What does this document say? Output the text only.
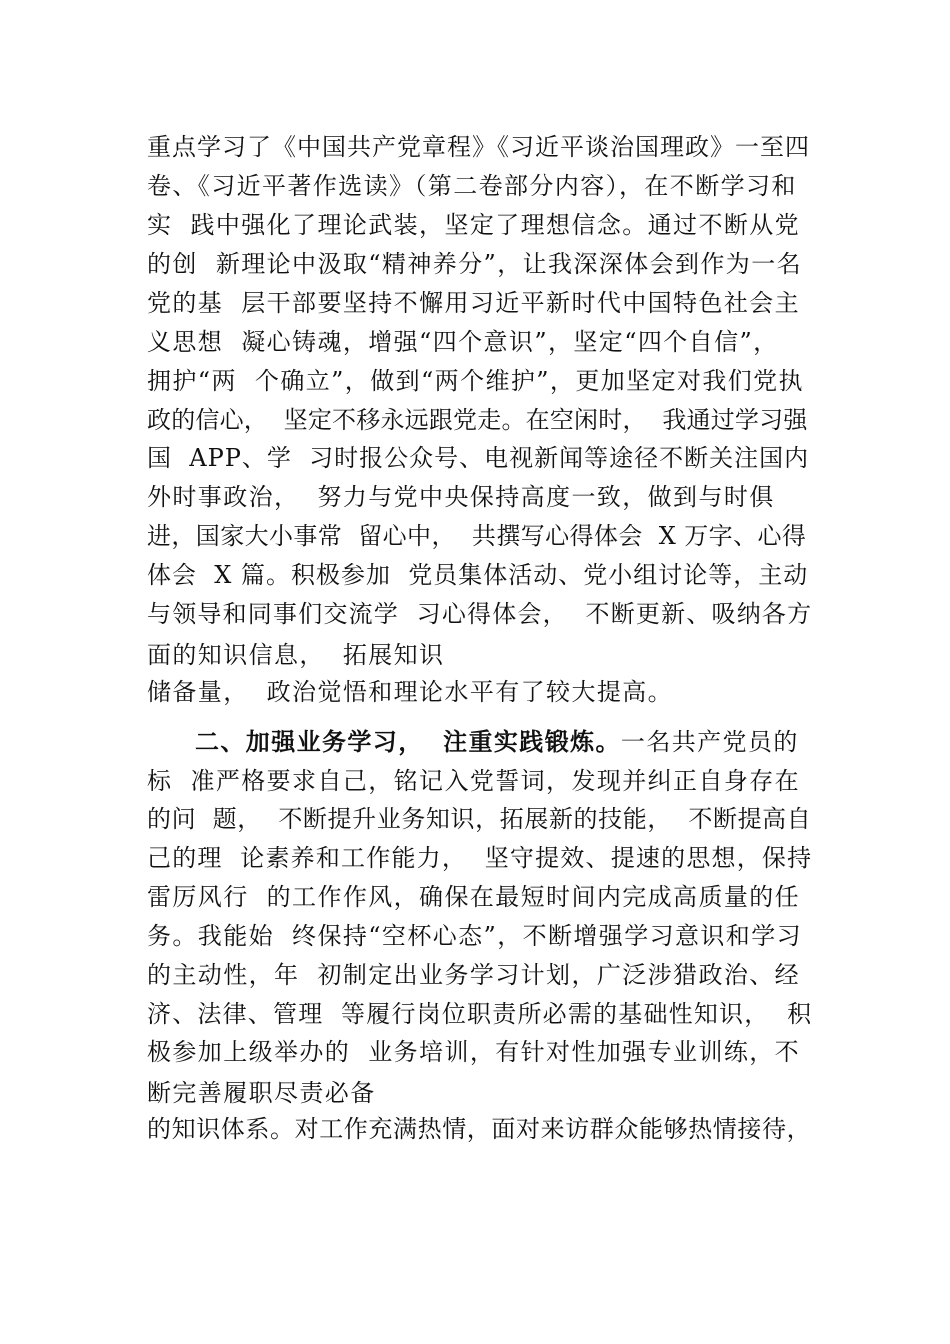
重点学习了《中国共产党章程》《习近平谈治国理政》一至四
卷、《习近平著作选读》（第二卷部分内容），在不断学习和
实  践中强化了理论武装，坚定了理想信念。通过不断从党
的创  新理论中汲取“精神养分”，让我深深体会到作为一名
党的基  层干部要坚持不懈用习近平新时代中国特色社会主
义思想  凝心铸魂，增强“四个意识”，坚定“四个自信”，
拥护“两  个确立”，做到“两个维护”，更加坚定对我们党执
政的信心，  坚定不移永远跟党走。在空闲时，  我通过学习强
国  APP、学  习时报公众号、电视新闻等途径不断关注国内
外时事政治，  努力与党中央保持高度一致，做到与时俱
进，国家大小事常  留心中，  共撰写心得体会  X 万字、心得
体会  X 篇。积极参加  党员集体活动、党小组讨论等，主动
与领导和同事们交流学  习心得体会，  不断更新、吸纳各方
面的知识信息，  拓展知识
储备量，  政治觉悟和理论水平有了较大提高。
二、加强业务学习，  注重实践锻炼。一名共产党员的
标  准严格要求自己，铭记入党誓词，发现并纠正自身存在
的问  题，  不断提升业务知识，拓展新的技能，  不断提高自
己的理  论素养和工作能力，  坚守提效、提速的思想，保持
雷厉风行  的工作作风，确保在最短时间内完成高质量的任
务。我能始  终保持“空杯心态”，不断增强学习意识和学习
的主动性，年  初制定出业务学习计划，广泛涉猎政治、经
济、法律、管理  等履行岗位职责所必需的基础性知识，  积
极参加上级举办的  业务培训，有针对性加强专业训练，不
断完善履职尽责必备
的知识体系。对工作充满热情，面对来访群众能够热情接待，
